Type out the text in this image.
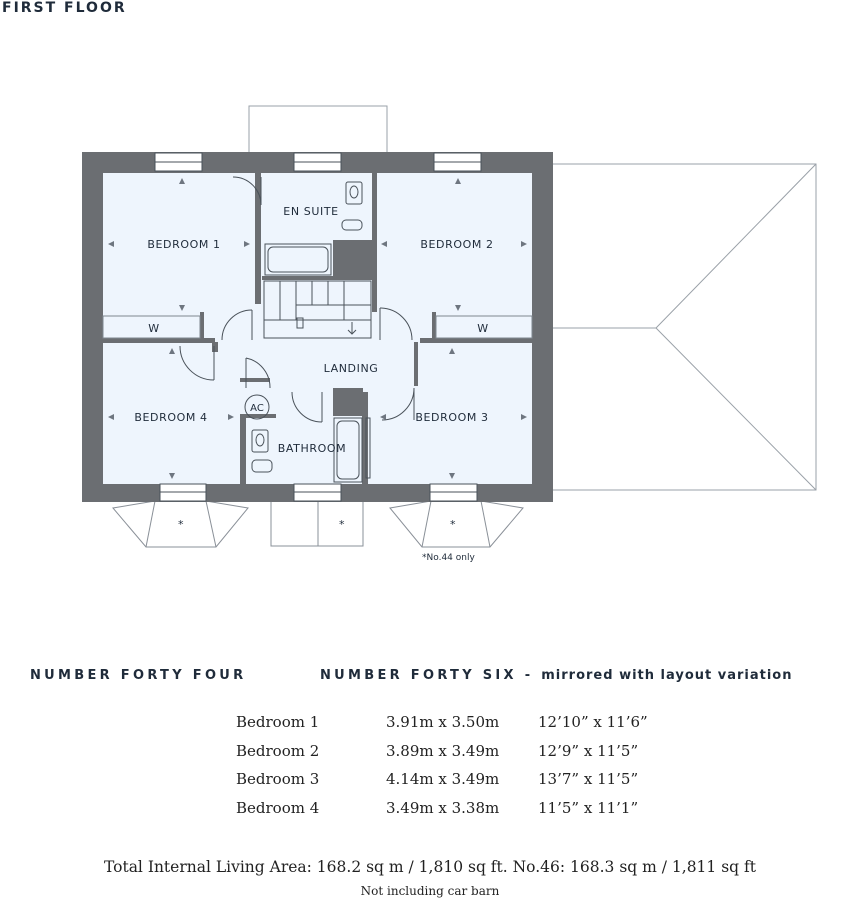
FIRST FLOOR
BEDROOM 1
EN SUITE
BEDROOM 2
LANDING
BEDROOM 4	BEDROOM 3
BATHROOM
AC
W	W
*	*	*
*No.44 only
NUMBER FORTY FOUR	NUMBER FORTY SIX - mirrored with layout variation
Bedroom 1	3.91m x 3.50m	12’10” x 11’6”
Bedroom 2	3.89m x 3.49m	12’9” x 11’5”
Bedroom 3	4.14m x 3.49m	13’7” x 11’5”
Bedroom 4	3.49m x 3.38m	11’5” x 11’1”
Total Internal Living Area: 168.2 sq m / 1,810 sq ft. No.46: 168.3 sq m / 1,811 sq ft
Not including car barn
